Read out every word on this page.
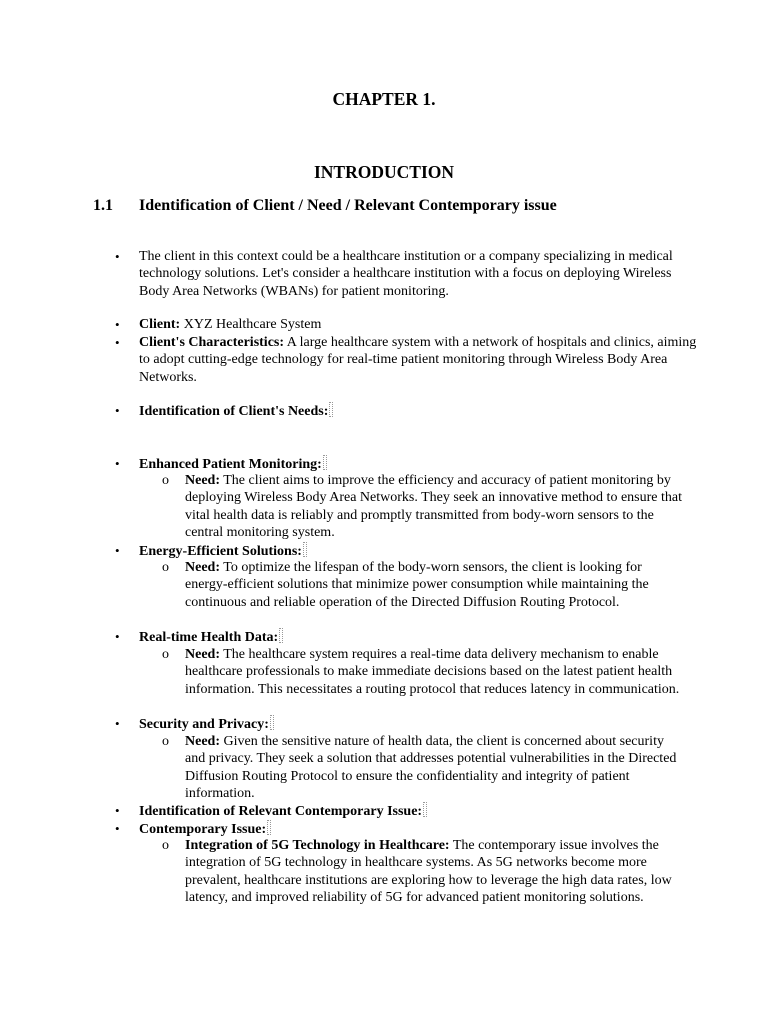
CHAPTER 1.
INTRODUCTION
1.1 Identification of Client / Need / Relevant Contemporary issue
• The client in this context could be a healthcare institution or a company specializing in medical technology solutions. Let's consider a healthcare institution with a focus on deploying Wireless Body Area Networks (WBANs) for patient monitoring.
• Client: XYZ Healthcare System
• Client's Characteristics: A large healthcare system with a network of hospitals and clinics, aiming to adopt cutting-edge technology for real-time patient monitoring through Wireless Body Area Networks.
• Identification of Client's Needs:
• Enhanced Patient Monitoring:
o Need: The client aims to improve the efficiency and accuracy of patient monitoring by deploying Wireless Body Area Networks. They seek an innovative method to ensure that vital health data is reliably and promptly transmitted from body-worn sensors to the central monitoring system.
• Energy-Efficient Solutions:
o Need: To optimize the lifespan of the body-worn sensors, the client is looking for energy-efficient solutions that minimize power consumption while maintaining the continuous and reliable operation of the Directed Diffusion Routing Protocol.
• Real-time Health Data:
o Need: The healthcare system requires a real-time data delivery mechanism to enable healthcare professionals to make immediate decisions based on the latest patient health information. This necessitates a routing protocol that reduces latency in communication.
• Security and Privacy:
o Need: Given the sensitive nature of health data, the client is concerned about security and privacy. They seek a solution that addresses potential vulnerabilities in the Directed Diffusion Routing Protocol to ensure the confidentiality and integrity of patient information.
• Identification of Relevant Contemporary Issue:
• Contemporary Issue:
o Integration of 5G Technology in Healthcare: The contemporary issue involves the integration of 5G technology in healthcare systems. As 5G networks become more prevalent, healthcare institutions are exploring how to leverage the high data rates, low latency, and improved reliability of 5G for advanced patient monitoring solutions.
